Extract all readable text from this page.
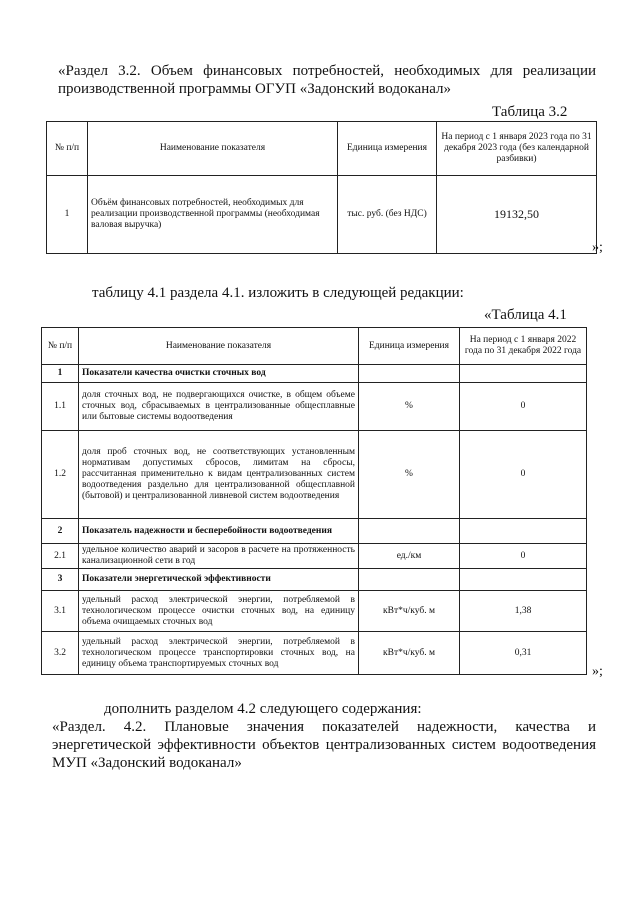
«Раздел 3.2. Объем финансовых потребностей, необходимых для реализации
производственной программы ОГУП «Задонский водоканал»
Таблица 3.2
№ п/п	Наименование показателя	Единица измерения	На период с 1 января 2023 года по 31 декабря 2023 года (без календарной разбивки)
1	Объём финансовых потребностей, необходимых для реализации производственной программы (необходимая валовая выручка)	тыс. руб. (без НДС)	19132,50
»;
таблицу 4.1 раздела 4.1. изложить в следующей редакции:
«Таблица 4.1
№ п/п	Наименование показателя	Единица измерения	На период с 1 января 2022 года по 31 декабря 2022 года
1	Показатели качества очистки сточных вод		
1.1	доля сточных вод, не подвергающихся очистке, в общем объеме сточных вод, сбрасываемых в централизованные общесплавные или бытовые системы водоотведения	%	0
1.2	доля проб сточных вод, не соответствующих установленным нормативам допустимых сбросов, лимитам на сбросы, рассчитанная применительно к видам централизованных систем водоотведения раздельно для централизованной общесплавной (бытовой) и централизованной ливневой систем водоотведения	%	0
2	Показатель надежности и бесперебойности водоотведения		
2.1	удельное количество аварий и засоров в расчете на протяженность канализационной сети в год	ед./км	0
3	Показатели энергетической эффективности		
3.1	удельный расход электрической энергии, потребляемой в технологическом процессе очистки сточных вод, на единицу объема очищаемых сточных вод	кВт*ч/куб. м	1,38
3.2	удельный расход электрической энергии, потребляемой в технологическом процессе транспортировки сточных вод, на единицу объема транспортируемых сточных вод	кВт*ч/куб. м	0,31
»;
дополнить разделом 4.2 следующего содержания:
«Раздел. 4.2. Плановые значения показателей надежности, качества и
энергетической эффективности объектов централизованных систем водоотведения
МУП «Задонский водоканал»
